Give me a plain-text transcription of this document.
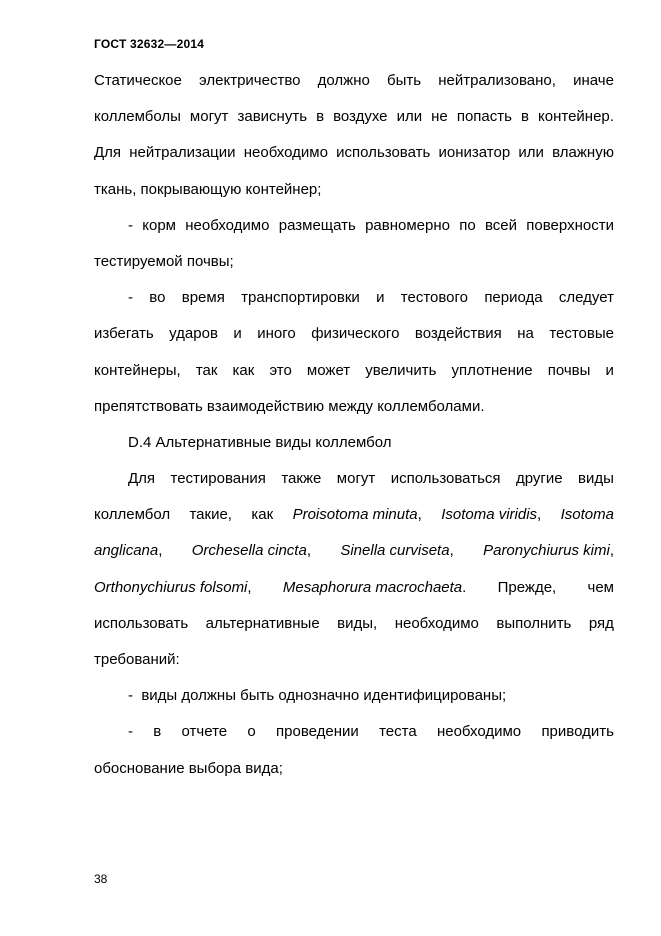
ГОСТ 32632—2014
Статическое электричество должно быть нейтрализовано, иначе
коллемболы могут зависнуть в воздухе или не попасть в контейнер.
Для нейтрализации необходимо использовать ионизатор или влажную
ткань, покрывающую контейнер;
- корм необходимо размещать равномерно по всей поверхности
тестируемой почвы;
- во время транспортировки и тестового периода следует
избегать ударов и иного физического воздействия на тестовые
контейнеры, так как это может увеличить уплотнение почвы и
препятствовать взаимодействию между коллемболами.
D.4 Альтернативные виды коллембол
Для тестирования также могут использоваться другие виды
коллембол такие, как Proisotoma minuta, Isotoma viridis, Isotoma
anglicana, Orchesella cincta, Sinella curviseta, Paronychiurus kimi,
Orthonychiurus folsomi, Mesaphorura macrochaeta. Прежде, чем
использовать альтернативные виды, необходимо выполнить ряд
требований:
-  виды должны быть однозначно идентифицированы;
- в отчете о проведении теста необходимо приводить
обоснование выбора вида;
38
